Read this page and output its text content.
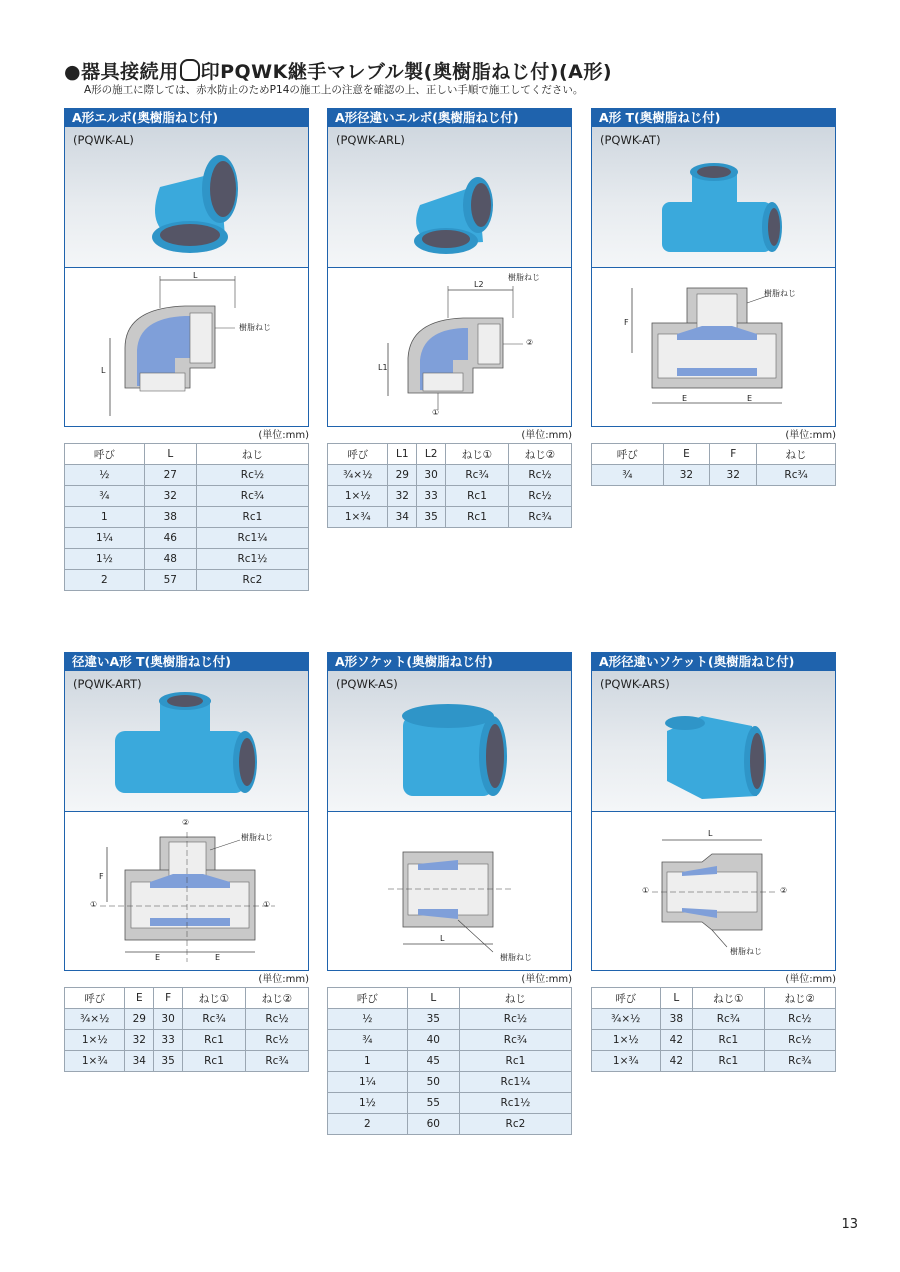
●器具接続用 印PQWK継手マレブル製(奥樹脂ねじ付)(A形)
A形の施工に際しては、赤水防止のためP14の施工上の注意を確認の上、正しい手順で施工してください。
A形エルボ(奥樹脂ねじ付)
(PQWK-AL)
L
L
樹脂ねじ
(単位:mm)
呼び	L	ねじ
½	27	Rc½
¾	32	Rc¾
1	38	Rc1
1¼	46	Rc1¼
1½	48	Rc1½
2	57	Rc2
A形径違いエルボ(奥樹脂ねじ付)
(PQWK-ARL)
L2
L1
樹脂ねじ
①
②
(単位:mm)
呼び	L1	L2	ねじ①	ねじ②
¾×½	29	30	Rc¾	Rc½
1×½	32	33	Rc1	Rc½
1×¾	34	35	Rc1	Rc¾
A形 T(奥樹脂ねじ付)
(PQWK-AT)
F
E	E
樹脂ねじ
(単位:mm)
呼び	E	F	ねじ
¾	32	32	Rc¾
径違いA形 T(奥樹脂ねじ付)
(PQWK-ART)
F
E	E
樹脂ねじ
①	①
②
(単位:mm)
呼び	E	F	ねじ①	ねじ②
¾×½	29	30	Rc¾	Rc½
1×½	32	33	Rc1	Rc½
1×¾	34	35	Rc1	Rc¾
A形ソケット(奥樹脂ねじ付)
(PQWK-AS)
L
樹脂ねじ
(単位:mm)
呼び	L	ねじ
½	35	Rc½
¾	40	Rc¾
1	45	Rc1
1¼	50	Rc1¼
1½	55	Rc1½
2	60	Rc2
A形径違いソケット(奥樹脂ねじ付)
(PQWK-ARS)
L
樹脂ねじ
①	②
(単位:mm)
呼び	L	ねじ①	ねじ②
¾×½	38	Rc¾	Rc½
1×½	42	Rc1	Rc½
1×¾	42	Rc1	Rc¾
13
